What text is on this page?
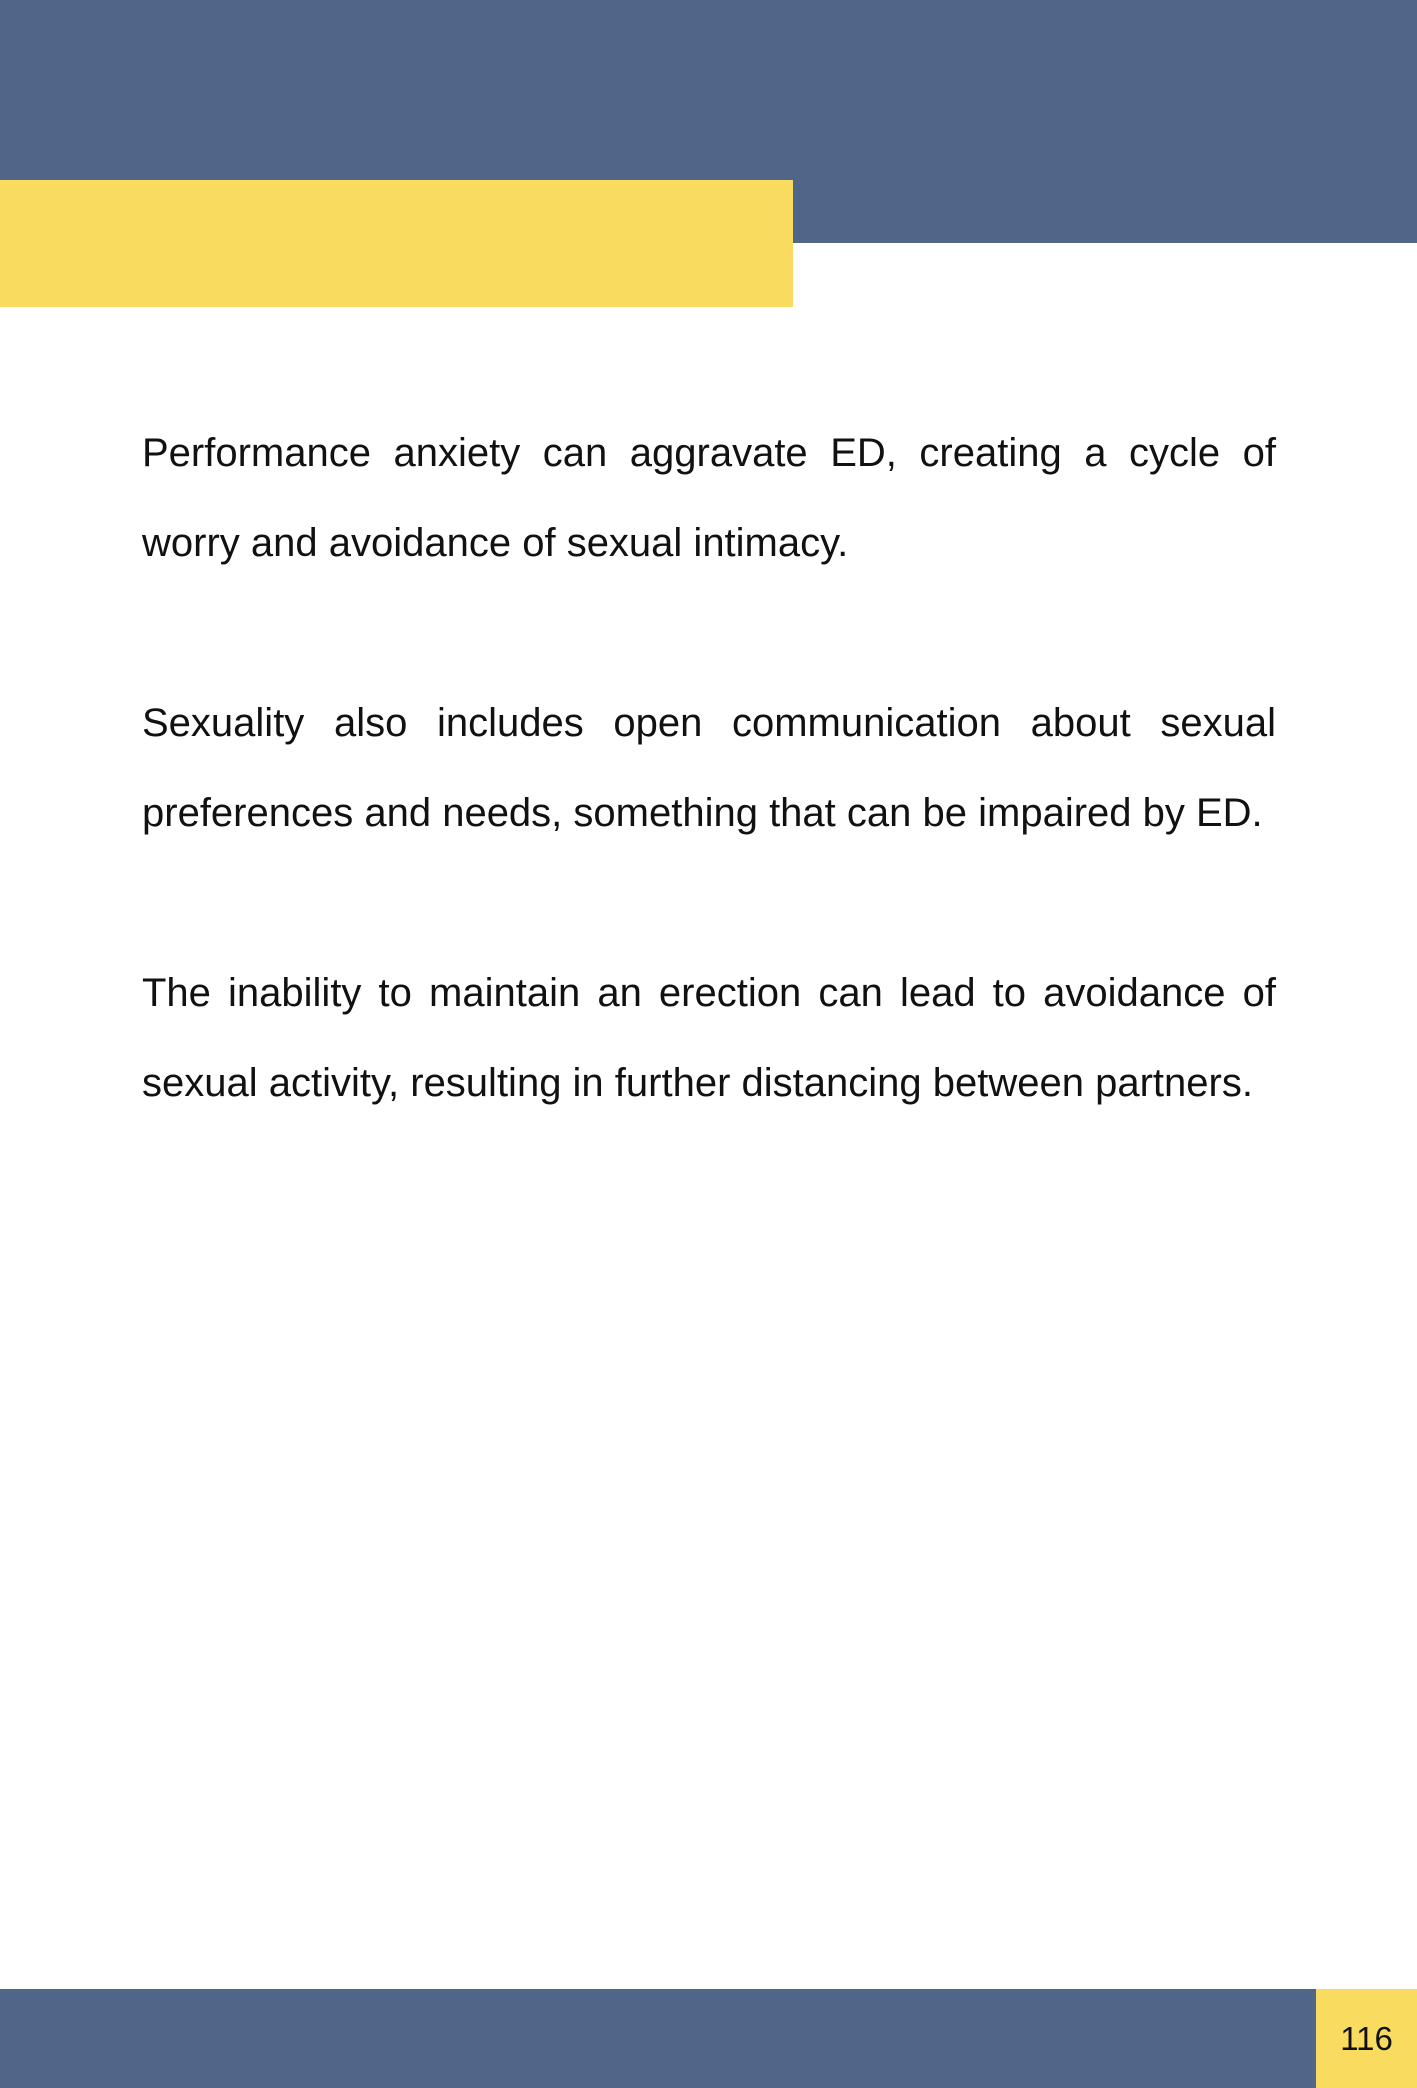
Performance anxiety can aggravate ED, creating a cycle of worry and avoidance of sexual intimacy.

Sexuality also includes open communication about sexual preferences and needs, something that can be impaired by ED.

The inability to maintain an erection can lead to avoidance of sexual activity, resulting in further distancing between partners.

116
